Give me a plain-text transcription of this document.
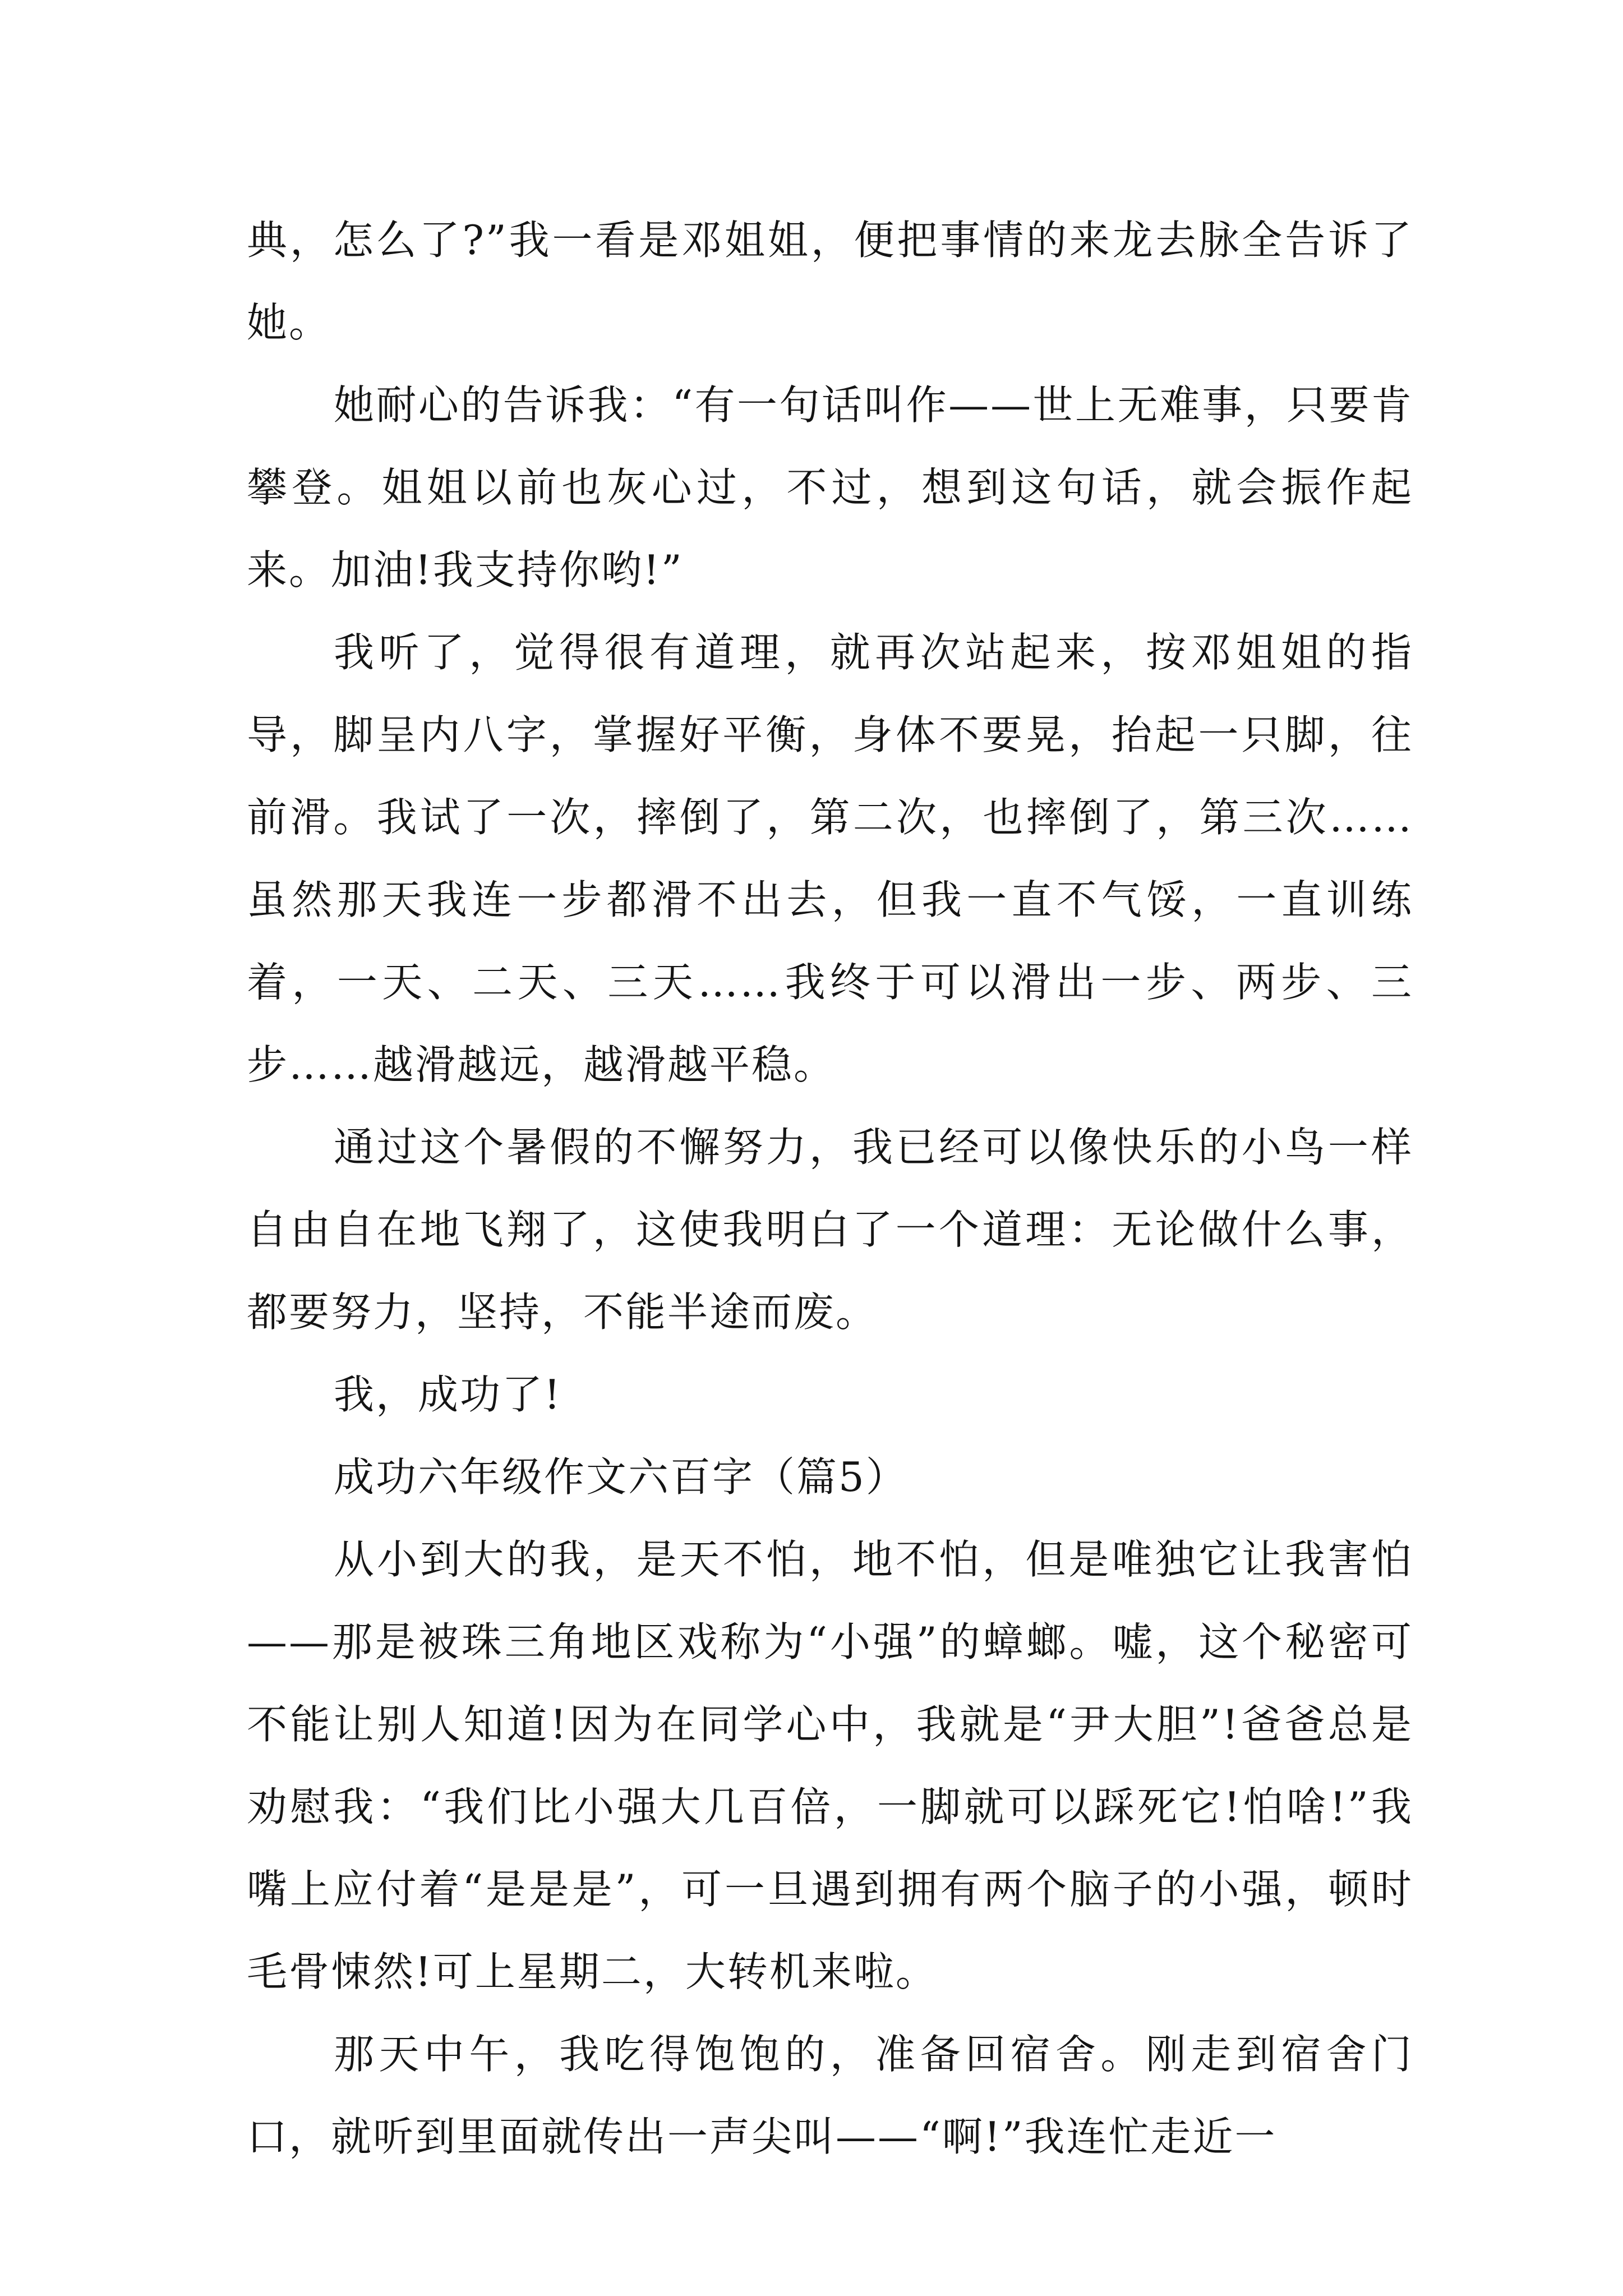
典，怎么了?”我一看是邓姐姐，便把事情的来龙去脉全告诉了她。

她耐心的告诉我：“有一句话叫作——世上无难事，只要肯攀登。姐姐以前也灰心过，不过，想到这句话，就会振作起来。加油!我支持你哟!”

我听了，觉得很有道理，就再次站起来，按邓姐姐的指导，脚呈内八字，掌握好平衡，身体不要晃，抬起一只脚，往前滑。我试了一次，摔倒了，第二次，也摔倒了，第三次……虽然那天我连一步都滑不出去，但我一直不气馁，一直训练着，一天、二天、三天……我终于可以滑出一步、两步、三步……越滑越远，越滑越平稳。

通过这个暑假的不懈努力，我已经可以像快乐的小鸟一样自由自在地飞翔了，这使我明白了一个道理：无论做什么事，都要努力，坚持，不能半途而废。

我，成功了!

成功六年级作文六百字（篇5）

从小到大的我，是天不怕，地不怕，但是唯独它让我害怕——那是被珠三角地区戏称为“小强”的蟑螂。嘘，这个秘密可不能让别人知道!因为在同学心中，我就是“尹大胆”!爸爸总是劝慰我：“我们比小强大几百倍，一脚就可以踩死它!怕啥!”我嘴上应付着“是是是”，可一旦遇到拥有两个脑子的小强，顿时毛骨悚然!可上星期二，大转机来啦。

那天中午，我吃得饱饱的，准备回宿舍。刚走到宿舍门口，就听到里面就传出一声尖叫——“啊!”我连忙走近一
